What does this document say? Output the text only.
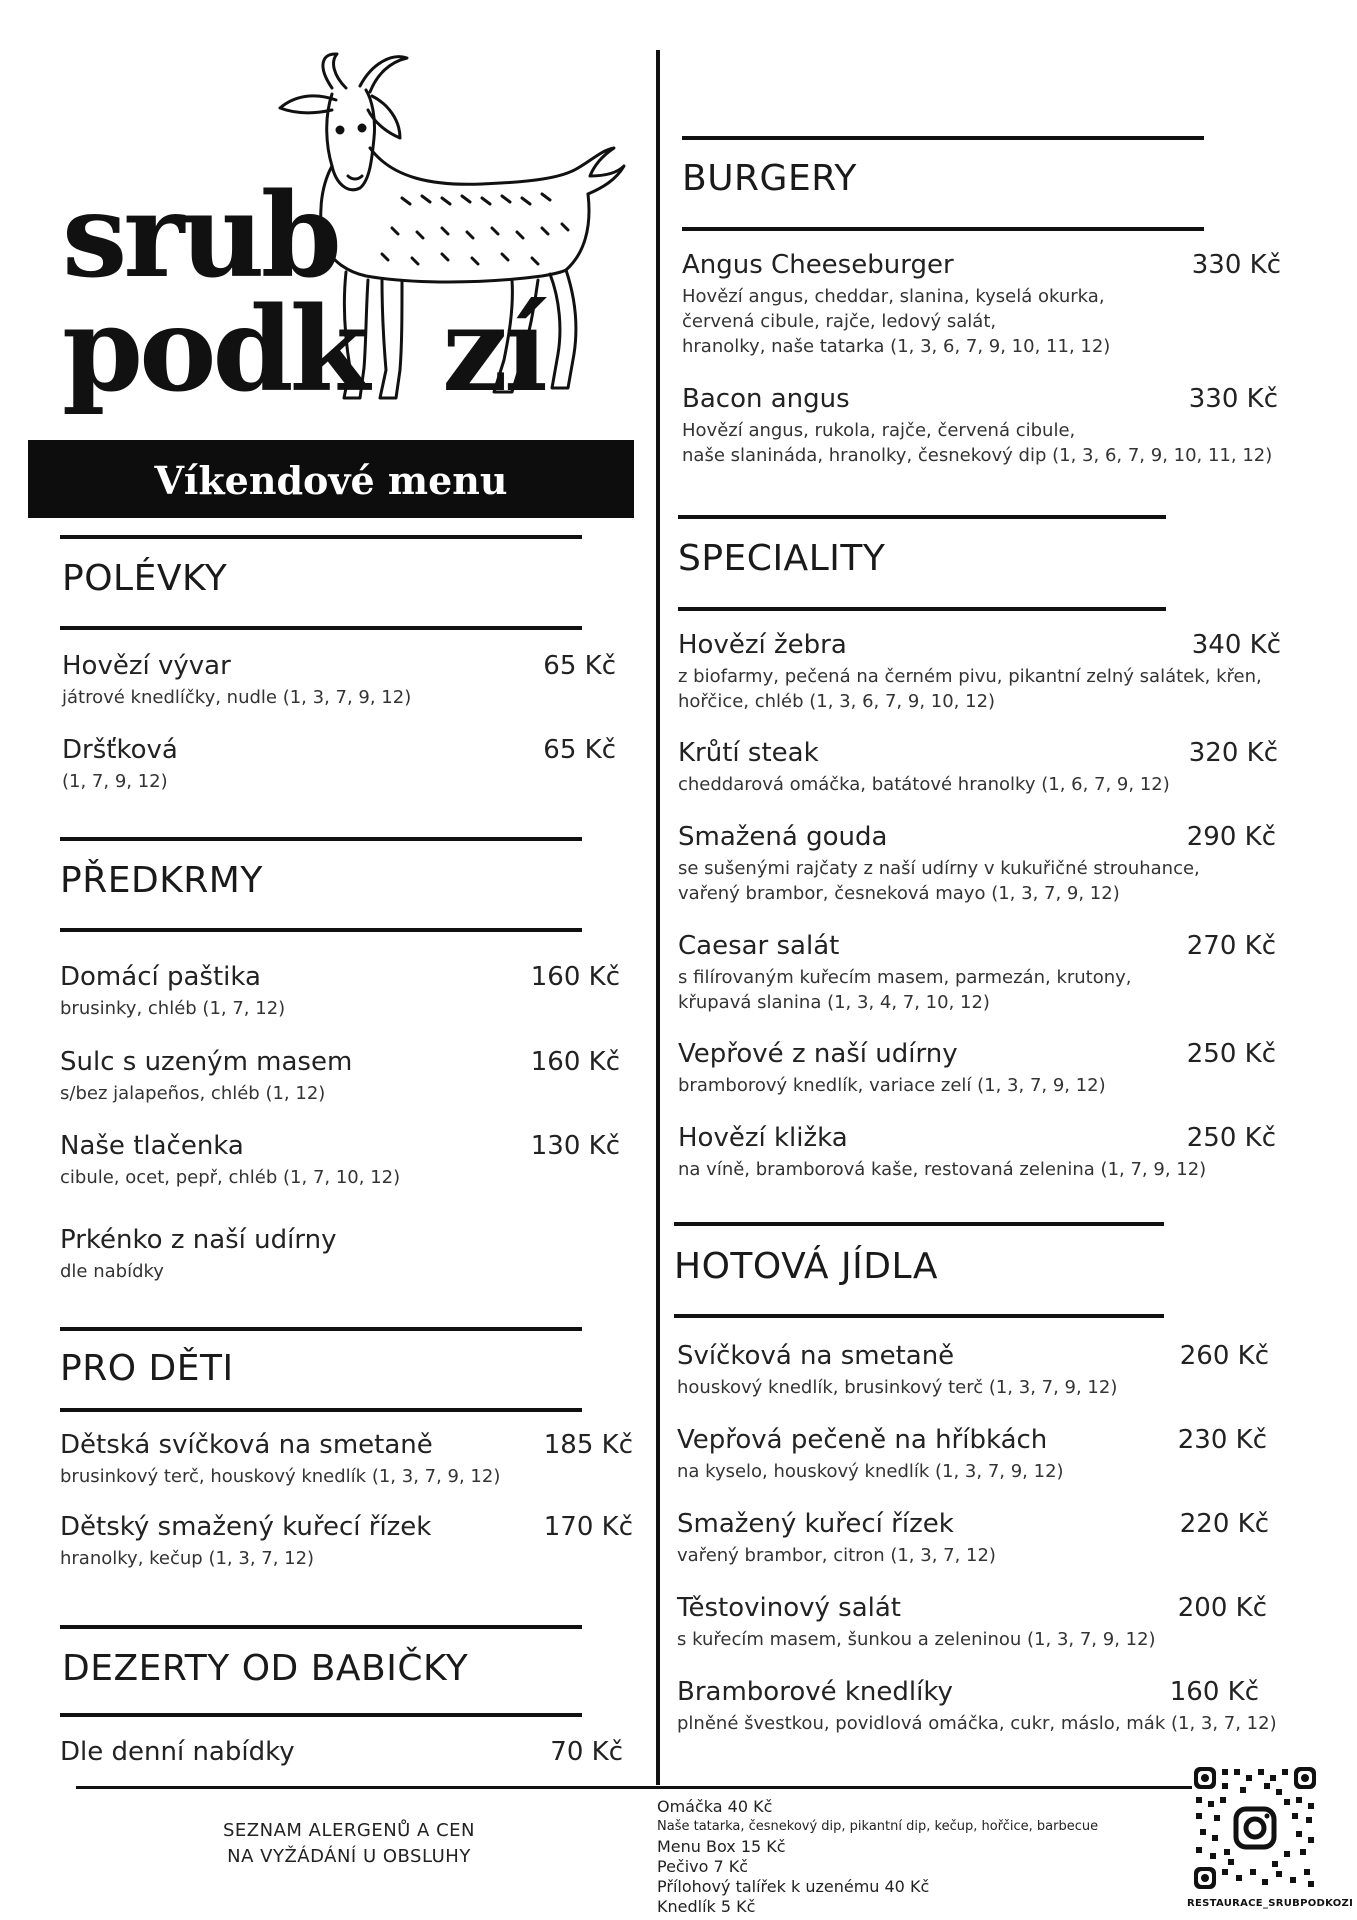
srub
podk zí
Víkendové menu
POLÉVKY
Hovězí vývar
játrové knedlíčky, nudle (1, 3, 7, 9, 12)
65 Kč
Dršťková
(1, 7, 9, 12)
65 Kč
PŘEDKRMY
Domácí paštika
brusinky, chléb (1, 7, 12)
160 Kč
Sulc s uzeným masem
s/bez jalapeños, chléb (1, 12)
160 Kč
Naše tlačenka
cibule, ocet, pepř, chléb (1, 7, 10, 12)
130 Kč
Prkénko z naší udírny
dle nabídky
PRO DĚTI
Dětská svíčková na smetaně
brusinkový terč, houskový knedlík (1, 3, 7, 9, 12)
185 Kč
Dětský smažený kuřecí řízek
hranolky, kečup (1, 3, 7, 12)
170 Kč
DEZERTY OD BABIČKY
Dle denní nabídky	70 Kč
BURGERY
Angus Cheeseburger
Hovězí angus, cheddar, slanina, kyselá okurka,
červená cibule, rajče, ledový salát,
hranolky, naše tatarka (1, 3, 6, 7, 9, 10, 11, 12)
330 Kč
Bacon angus
Hovězí angus, rukola, rajče, červená cibule,
naše slanináda, hranolky, česnekový dip (1, 3, 6, 7, 9, 10, 11, 12)
330 Kč
SPECIALITY
Hovězí žebra
z biofarmy, pečená na černém pivu, pikantní zelný salátek, křen,
hořčice, chléb (1, 3, 6, 7, 9, 10, 12)
340 Kč
Krůtí steak
cheddarová omáčka, batátové hranolky (1, 6, 7, 9, 12)
320 Kč
Smažená gouda
se sušenými rajčaty z naší udírny v kukuřičné strouhance,
vařený brambor, česneková mayo (1, 3, 7, 9, 12)
290 Kč
Caesar salát
s filírovaným kuřecím masem, parmezán, krutony,
křupavá slanina (1, 3, 4, 7, 10, 12)
270 Kč
Vepřové z naší udírny
bramborový knedlík, variace zelí (1, 3, 7, 9, 12)
250 Kč
Hovězí kližka
na víně, bramborová kaše, restovaná zelenina (1, 7, 9, 12)
250 Kč
HOTOVÁ JÍDLA
Svíčková na smetaně
houskový knedlík, brusinkový terč (1, 3, 7, 9, 12)
260 Kč
Vepřová pečeně na hříbkách
na kyselo, houskový knedlík (1, 3, 7, 9, 12)
230 Kč
Smažený kuřecí řízek
vařený brambor, citron (1, 3, 7, 12)
220 Kč
Těstovinový salát
s kuřecím masem, šunkou a zeleninou (1, 3, 7, 9, 12)
200 Kč
Bramborové knedlíky
plněné švestkou, povidlová omáčka, cukr, máslo, mák (1, 3, 7, 12)
160 Kč
SEZNAM ALERGENŮ A CEN
NA VYŽÁDÁNÍ U OBSLUHY
Omáčka 40 Kč
Naše tatarka, česnekový dip, pikantní dip, kečup, hořčice, barbecue
Menu Box 15 Kč
Pečivo 7 Kč
Přílohový talířek k uzenému 40 Kč
Knedlík 5 Kč	RESTAURACE_SRUBPODKOZI
